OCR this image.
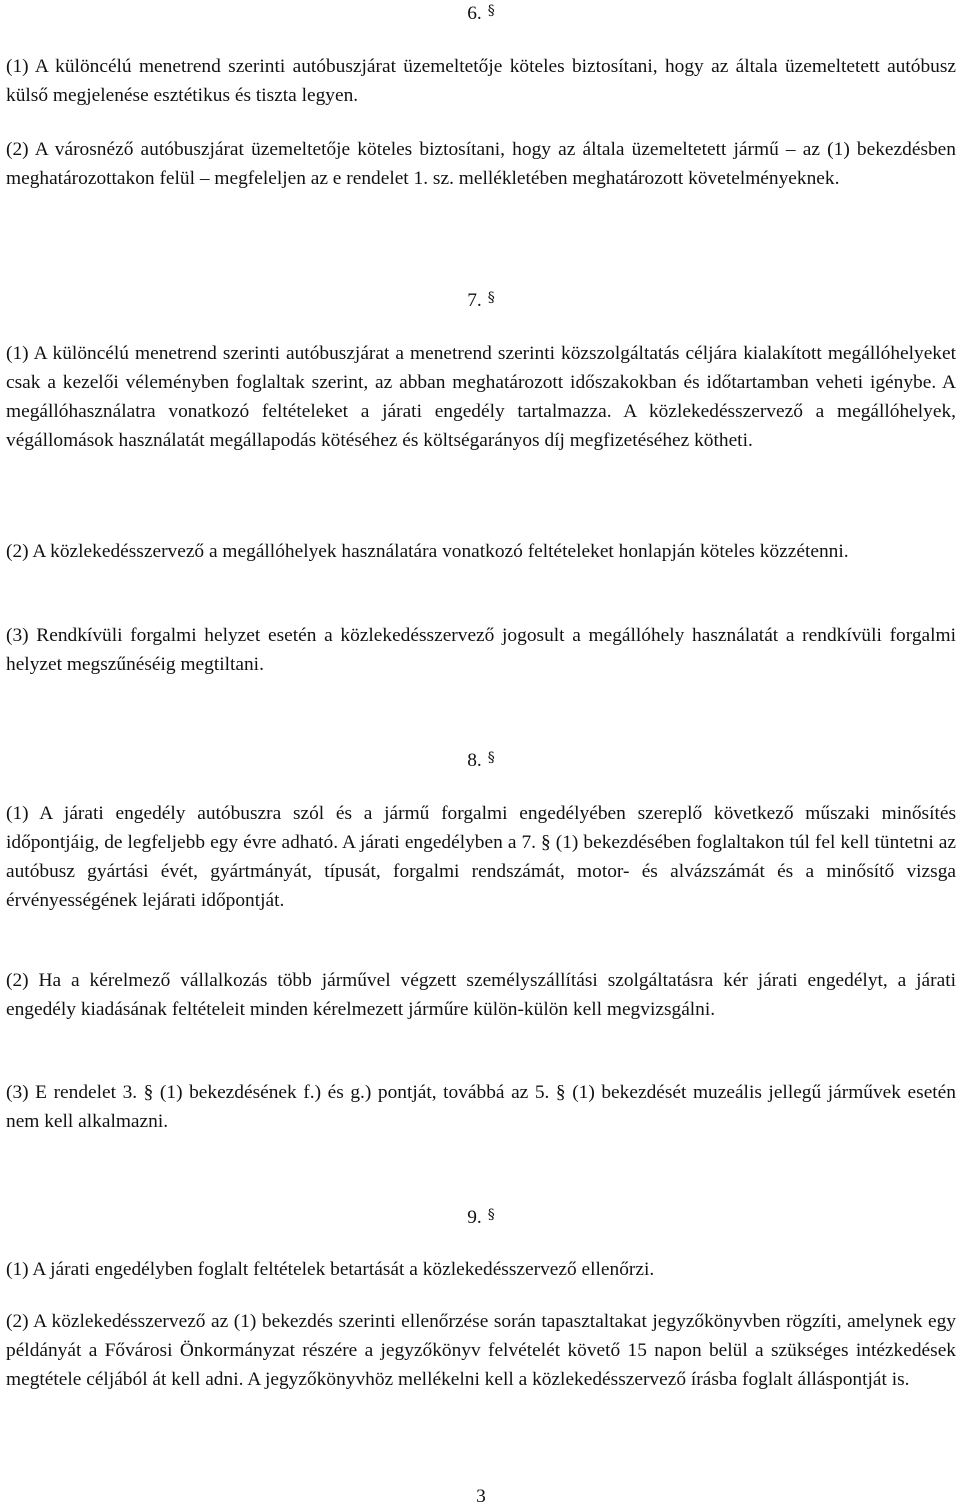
6. §

(1) A különcélú menetrend szerinti autóbuszjárat üzemeltetője köteles biztosítani, hogy az általa üzemeltetett autóbusz külső megjelenése esztétikus és tiszta legyen.

(2) A városnéző autóbuszjárat üzemeltetője köteles biztosítani, hogy az általa üzemeltetett jármű – az (1) bekezdésben meghatározottakon felül – megfeleljen az e rendelet 1. sz. mellékletében meghatározott követelményeknek.

7. §

(1) A különcélú menetrend szerinti autóbuszjárat a menetrend szerinti közszolgáltatás céljára kialakított megállóhelyeket csak a kezelői véleményben foglaltak szerint, az abban meghatározott időszakokban és időtartamban veheti igénybe. A megállóhasználatra vonatkozó feltételeket a járati engedély tartalmazza. A közlekedésszervező a megállóhelyek, végállomások használatát megállapodás kötéséhez és költségarányos díj megfizetéséhez kötheti.

(2) A közlekedésszervező a megállóhelyek használatára vonatkozó feltételeket honlapján köteles közzétenni.

(3) Rendkívüli forgalmi helyzet esetén a közlekedésszervező jogosult a megállóhely használatát a rendkívüli forgalmi helyzet megszűnéséig megtiltani.

8. §

(1) A járati engedély autóbuszra szól és a jármű forgalmi engedélyében szereplő következő műszaki minősítés időpontjáig, de legfeljebb egy évre adható. A járati engedélyben a 7. § (1) bekezdésében foglaltakon túl fel kell tüntetni az autóbusz gyártási évét, gyártmányát, típusát, forgalmi rendszámát, motor- és alvázszámát és a minősítő vizsga érvényességének lejárati időpontját.

(2) Ha a kérelmező vállalkozás több járművel végzett személyszállítási szolgáltatásra kér járati engedélyt, a járati engedély kiadásának feltételeit minden kérelmezett járműre külön-külön kell megvizsgálni.

(3) E rendelet 3. § (1) bekezdésének f.) és g.) pontját, továbbá az 5. § (1) bekezdését muzeális jellegű járművek esetén nem kell alkalmazni.

9. §

(1) A járati engedélyben foglalt feltételek betartását a közlekedésszervező ellenőrzi.

(2) A közlekedésszervező az (1) bekezdés szerinti ellenőrzése során tapasztaltakat jegyzőkönyvben rögzíti, amelynek egy példányát a Fővárosi Önkormányzat részére a jegyzőkönyv felvételét követő 15 napon belül a szükséges intézkedések megtétele céljából át kell adni. A jegyzőkönyvhöz mellékelni kell a közlekedésszervező írásba foglalt álláspontját is.

3
